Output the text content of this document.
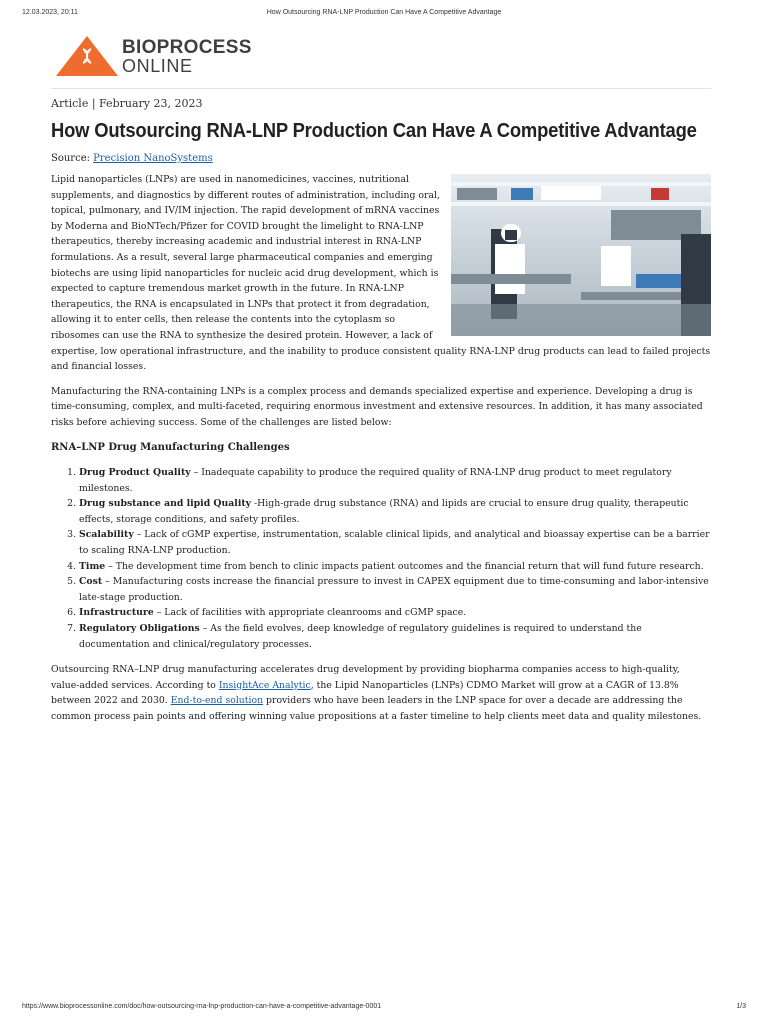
12.03.2023, 20:11	How Outsourcing RNA-LNP Production Can Have A Competitive Advantage
BIOPROCESS
ONLINE
Article | February 23, 2023
How Outsourcing RNA-LNP Production Can Have A Competitive Advantage
Source: Precision NanoSystems

Lipid nanoparticles (LNPs) are used in nanomedicines, vaccines, nutritional supplements, and diagnostics by different routes of administration, including oral, topical, pulmonary, and IV/IM injection. The rapid development of mRNA vaccines by Moderna and BioNTech/Pfizer for COVID brought the limelight to RNA-LNP therapeutics, thereby increasing academic and industrial interest in RNA-LNP formulations. As a result, several large pharmaceutical companies and emerging biotechs are using lipid nanoparticles for nucleic acid drug development, which is expected to capture tremendous market growth in the future. In RNA-LNP therapeutics, the RNA is encapsulated in LNPs that protect it from degradation, allowing it to enter cells, then release the contents into the cytoplasm so ribosomes can use the RNA to synthesize the desired protein. However, a lack of expertise, low operational infrastructure, and the inability to produce consistent quality RNA-LNP drug products can lead to failed projects and financial losses.

Manufacturing the RNA-containing LNPs is a complex process and demands specialized expertise and experience. Developing a drug is time-consuming, complex, and multi-faceted, requiring enormous investment and extensive resources. In addition, it has many associated risks before achieving success. Some of the challenges are listed below:

RNA–LNP Drug Manufacturing Challenges
1. Drug Product Quality – Inadequate capability to produce the required quality of RNA-LNP drug product to meet regulatory milestones.
2. Drug substance and lipid Quality -High-grade drug substance (RNA) and lipids are crucial to ensure drug quality, therapeutic effects, storage conditions, and safety profiles.
3. Scalability – Lack of cGMP expertise, instrumentation, scalable clinical lipids, and analytical and bioassay expertise can be a barrier to scaling RNA-LNP production.
4. Time – The development time from bench to clinic impacts patient outcomes and the financial return that will fund future research.
5. Cost – Manufacturing costs increase the financial pressure to invest in CAPEX equipment due to time-consuming and labor-intensive late-stage production.
6. Infrastructure – Lack of facilities with appropriate cleanrooms and cGMP space.
7. Regulatory Obligations – As the field evolves, deep knowledge of regulatory guidelines is required to understand the documentation and clinical/regulatory processes.

Outsourcing RNA–LNP drug manufacturing accelerates drug development by providing biopharma companies access to high-quality, value-added services. According to InsightAce Analytic, the Lipid Nanoparticles (LNPs) CDMO Market will grow at a CAGR of 13.8% between 2022 and 2030. End-to-end solution providers who have been leaders in the LNP space for over a decade are addressing the common process pain points and offering winning value propositions at a faster timeline to help clients meet data and quality milestones.

https://www.bioprocessonline.com/doc/how-outsourcing-rna-lnp-production-can-have-a-competitive-advantage-0001	1/3
